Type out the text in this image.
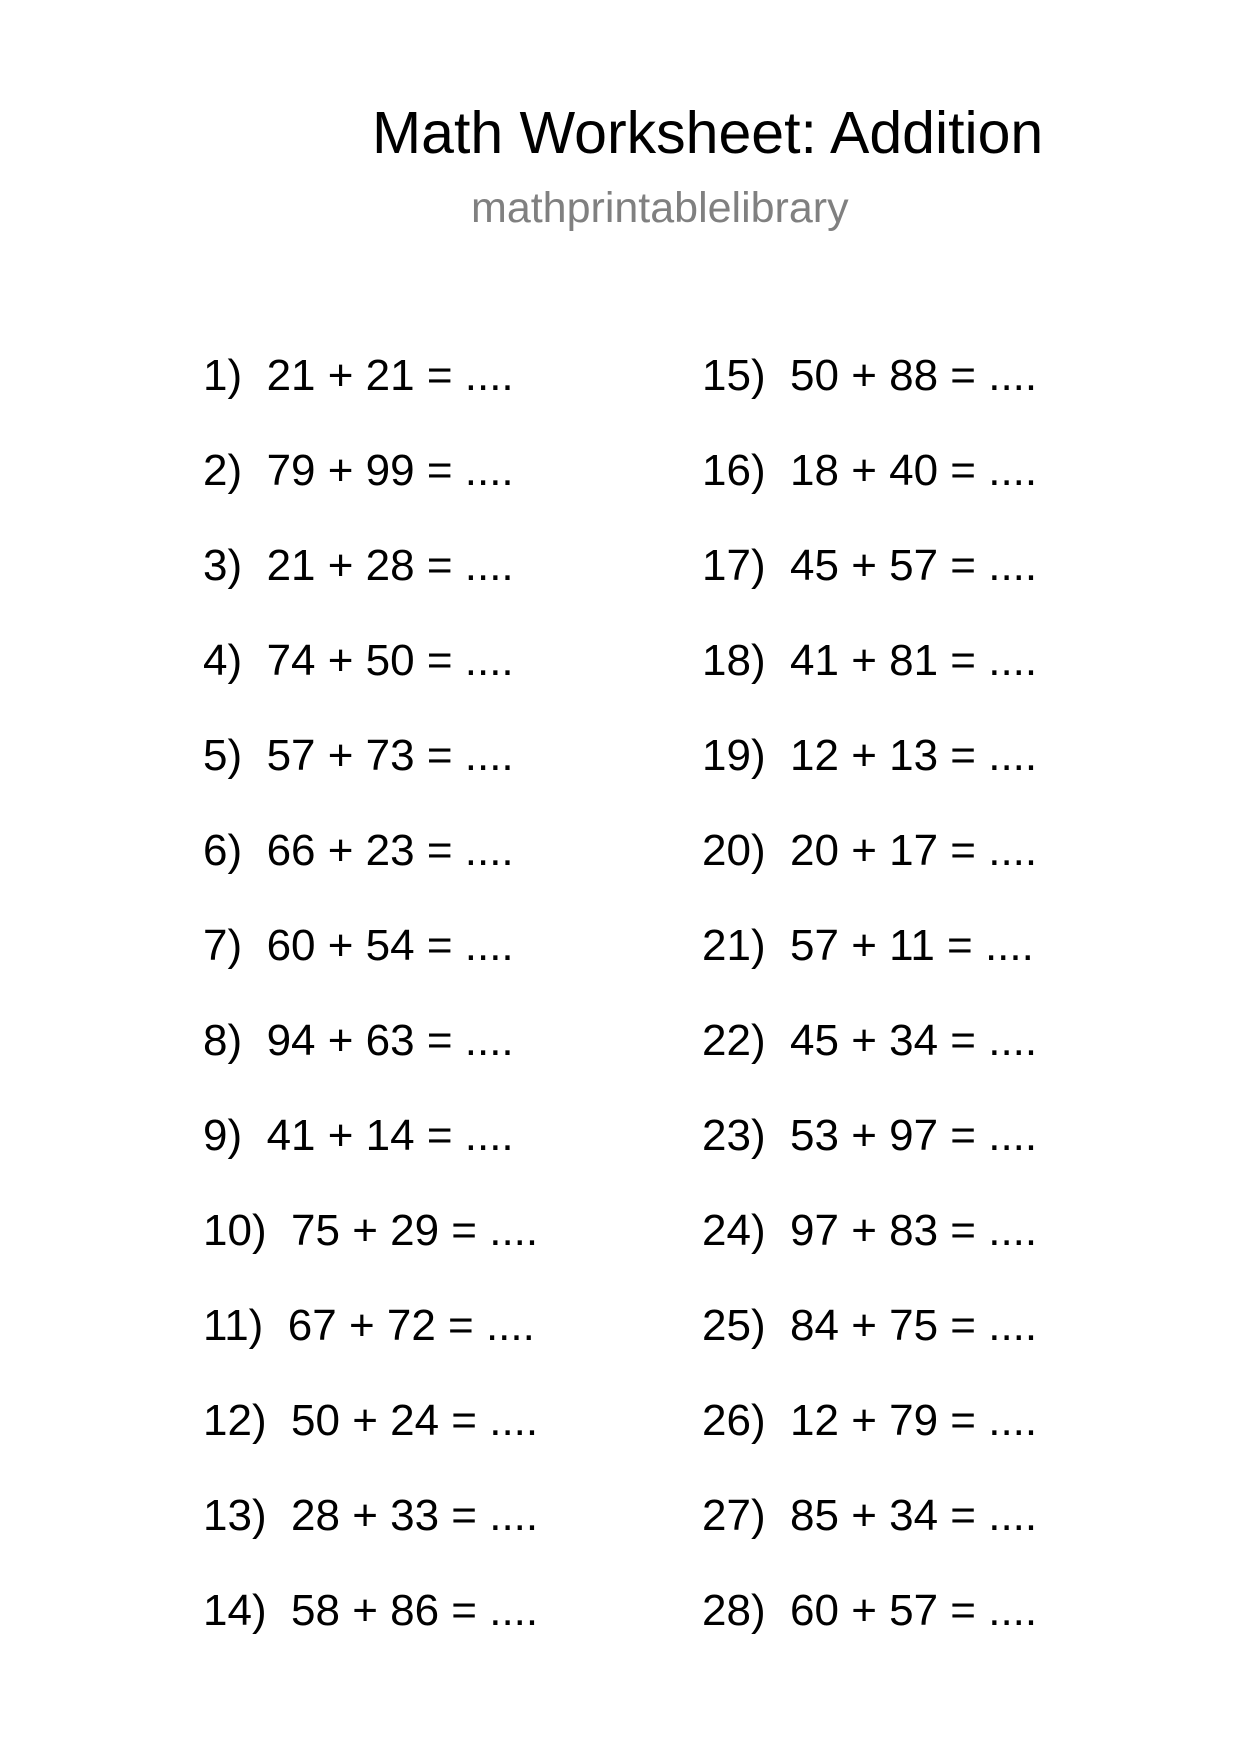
Math Worksheet: Addition
mathprintablelibrary
1) 21 + 21 = ....
2) 79 + 99 = ....
3) 21 + 28 = ....
4) 74 + 50 = ....
5) 57 + 73 = ....
6) 66 + 23 = ....
7) 60 + 54 = ....
8) 94 + 63 = ....
9) 41 + 14 = ....
10) 75 + 29 = ....
11) 67 + 72 = ....
12) 50 + 24 = ....
13) 28 + 33 = ....
14) 58 + 86 = ....
15) 50 + 88 = ....
16) 18 + 40 = ....
17) 45 + 57 = ....
18) 41 + 81 = ....
19) 12 + 13 = ....
20) 20 + 17 = ....
21) 57 + 11 = ....
22) 45 + 34 = ....
23) 53 + 97 = ....
24) 97 + 83 = ....
25) 84 + 75 = ....
26) 12 + 79 = ....
27) 85 + 34 = ....
28) 60 + 57 = ....
